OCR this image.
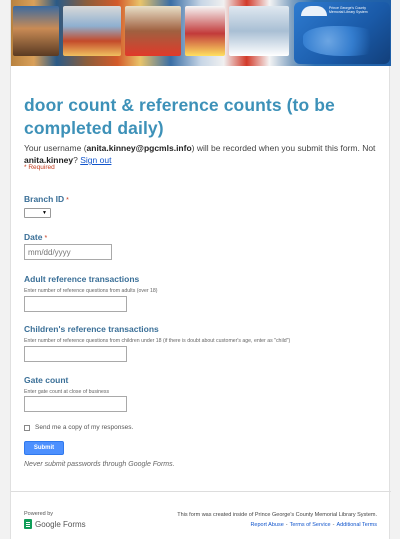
Prince George's County
Memorial Library System
door count & reference counts (to be completed daily)
Your username (anita.kinney@pgcmls.info) will be recorded when you submit this form. Not anita.kinney? Sign out
* Required
Branch ID *
▼
Date *
mm/dd/yyyy
Adult reference transactions
Enter number of reference questions from adults (over 18)
Children's reference transactions
Enter number of reference questions from children under 18 (if there is doubt about customer's age, enter as "child")
Gate count
Enter gate count at close of business
Send me a copy of my responses.
Submit
Never submit passwords through Google Forms.
Powered by
Google Forms
This form was created inside of Prince George's County Memorial Library System.
Report Abuse - Terms of Service - Additional Terms
